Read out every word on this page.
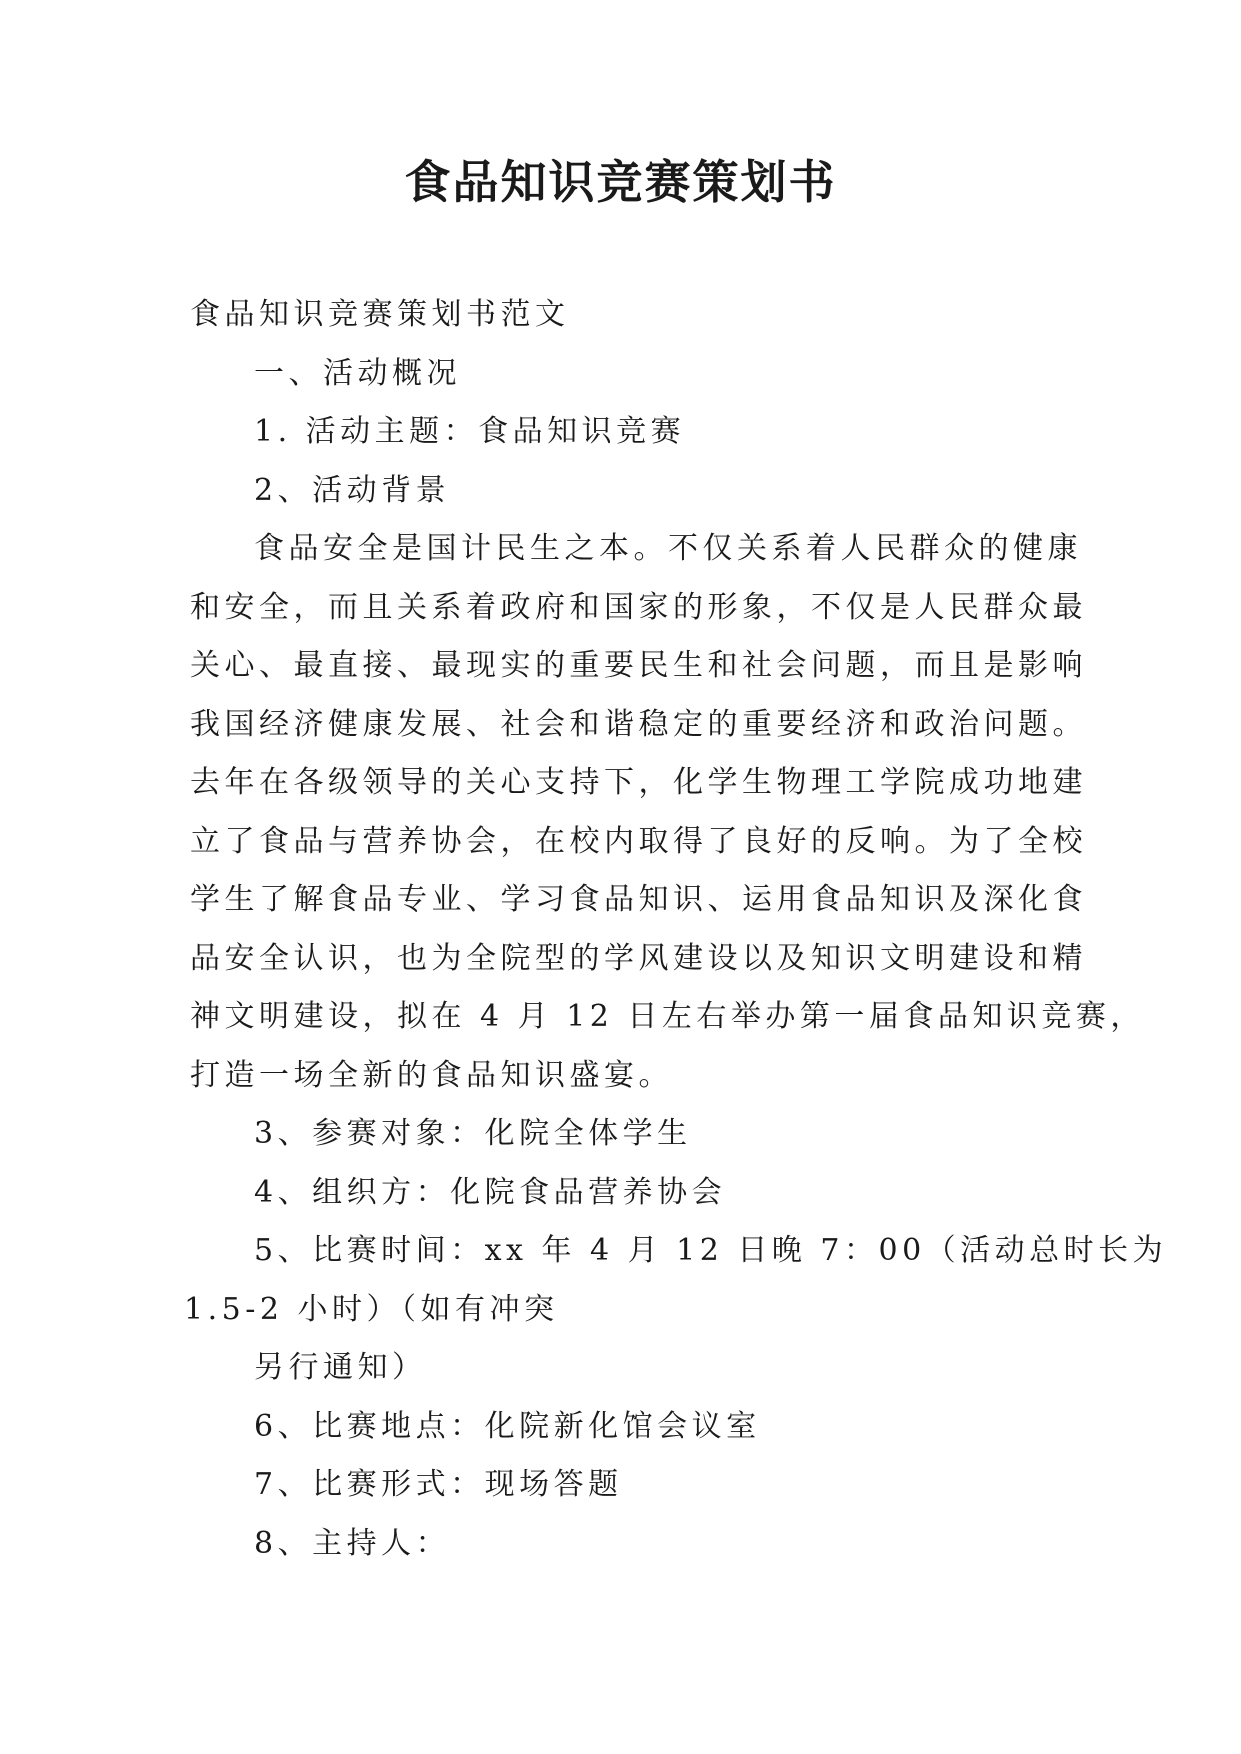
食品知识竞赛策划书

食品知识竞赛策划书范文

一、活动概况

1. 活动主题：食品知识竞赛

2、活动背景

食品安全是国计民生之本。不仅关系着人民群众的健康

和安全，而且关系着政府和国家的形象，不仅是人民群众最

关心、最直接、最现实的重要民生和社会问题，而且是影响

我国经济健康发展、社会和谐稳定的重要经济和政治问题。

去年在各级领导的关心支持下，化学生物理工学院成功地建

立了食品与营养协会，在校内取得了良好的反响。为了全校

学生了解食品专业、学习食品知识、运用食品知识及深化食

品安全认识，也为全院型的学风建设以及知识文明建设和精

神文明建设，拟在 4 月 12 日左右举办第一届食品知识竞赛，

打造一场全新的食品知识盛宴。

3、参赛对象：化院全体学生

4、组织方：化院食品营养协会

5、比赛时间：xx 年 4 月 12 日晚 7：00（活动总时长为

1.5-2 小时）（如有冲突

另行通知）

6、比赛地点：化院新化馆会议室

7、比赛形式：现场答题

8、主持人：
